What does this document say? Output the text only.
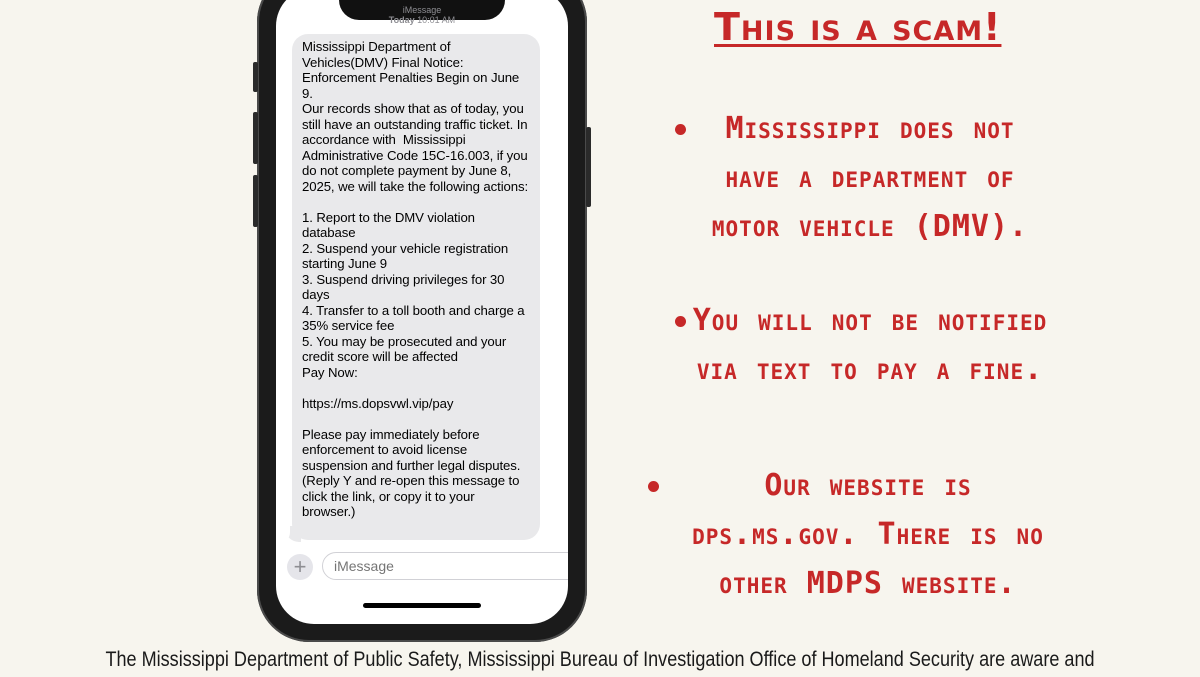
iMessage
Today 10:01 AM
Mississippi Department of Vehicles(DMV) Final Notice: Enforcement Penalties Begin on June 9.
Our records show that as of today, you still have an outstanding traffic ticket. In accordance with  Mississippi Administrative Code 15C-16.003, if you do not complete payment by June 8, 2025, we will take the following actions:

1. Report to the DMV violation database
2. Suspend your vehicle registration starting June 9
3. Suspend driving privileges for 30 days
4. Transfer to a toll booth and charge a 35% service fee
5. You may be prosecuted and your credit score will be affected
Pay Now:

https://ms.dopsvwl.vip/pay

Please pay immediately before enforcement to avoid license suspension and further legal disputes.
(Reply Y and re-open this message to click the link, or copy it to your browser.)
+
iMessage
This is a scam!
Mississippi does not have a department of motor vehicle (DMV).
You will not be notified via text to pay a fine.
Our website is dps.ms.gov. There is no other MDPS website.
The Mississippi Department of Public Safety, Mississippi Bureau of Investigation Office of Homeland Security are aware and
